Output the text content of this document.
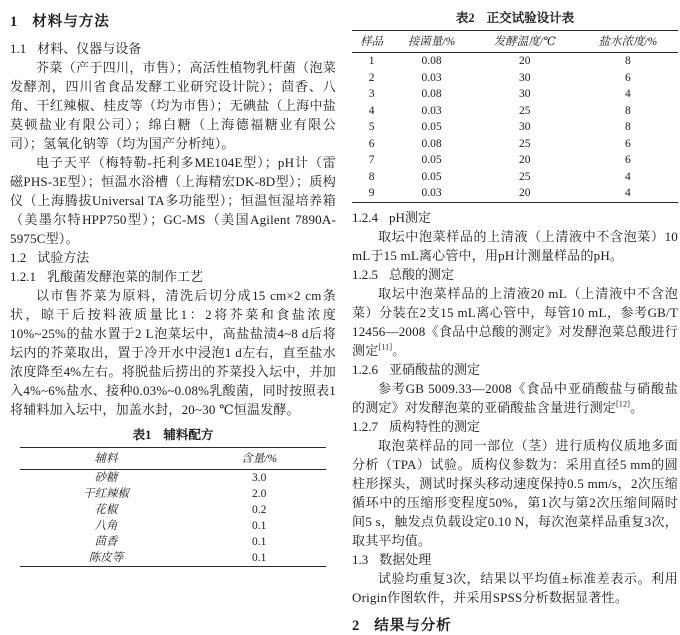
1 材料与方法
1.1 材料、仪器与设备

芥菜（产于四川，市售）；高活性植物乳杆菌（泡菜发酵剂，四川省食品发酵工业研究设计院）；茴香、八角、干红辣椒、桂皮等（均为市售）；无碘盐（上海中盐莫顿盐业有限公司）；绵白糖（上海德福糖业有限公司）；氢氧化钠等（均为国产分析纯）。

电子天平（梅特勒-托利多ME104E型）；pH计（雷磁PHS-3E型）；恒温水浴槽（上海精宏DK-8D型）；质构仪（上海腾拔Universal TA多功能型）；恒温恒湿培养箱（美墨尔特HPP750型）；GC-MS（美国Agilent 7890A-5975C型）。

1.2 试验方法
1.2.1 乳酸菌发酵泡菜的制作工艺

以市售芥菜为原料，清洗后切分成15 cm×2 cm条状，晾干后按料液质量比1：2将芥菜和食盐浓度10%~25%的盐水置于2 L泡菜坛中，高盐盐渍4~8 d后将坛内的芥菜取出，置于冷开水中浸泡1 d左右，直至盐水浓度降至4%左右。将脱盐后捞出的芥菜投入坛中，并加入4%~6%盐水、接种0.03%~0.08%乳酸菌，同时按照表1将辅料加入坛中，加盖水封，20~30 ℃恒温发酵。

表1 辅料配方
辅料	含量/%
砂糖	3.0
干红辣椒	2.0
花椒	0.2
八角	0.1
茴香	0.1
陈皮等	0.1
表2 正交试验设计表
样品	接菌量/%	发酵温度/℃	盐水浓度/%
1	0.08	20	8
2	0.03	30	6
3	0.08	30	4
4	0.03	25	8
5	0.05	30	8
6	0.08	25	6
7	0.05	20	6
8	0.05	25	4
9	0.03	20	4
1.2.4 pH测定

取坛中泡菜样品的上清液（上清液中不含泡菜）10 mL于15 mL离心管中，用pH计测量样品的pH。

1.2.5 总酸的测定

取坛中泡菜样品的上清液20 mL（上清液中不含泡菜）分装在2支15 mL离心管中，每管10 mL，参考GB/T 12456—2008《食品中总酸的测定》对发酵泡菜总酸进行测定[11]。

1.2.6 亚硝酸盐的测定

参考GB 5009.33—2008《食品中亚硝酸盐与硝酸盐的测定》对发酵泡菜的亚硝酸盐含量进行测定[12]。

1.2.7 质构特性的测定

取泡菜样品的同一部位（茎）进行质构仪质地多面分析（TPA）试验。质构仪参数为：采用直径5 mm的圆柱形探头，测试时探头移动速度保持0.5 mm/s，2次压缩循环中的压缩形变程度50%，第1次与第2次压缩间隔时间5 s，触发点负载设定0.10 N，每次泡菜样品重复3次，取其平均值。

1.3 数据处理

试验均重复3次，结果以平均值±标准差表示。利用Origin作图软件，并采用SPSS分析数据显著性。

2 结果与分析
